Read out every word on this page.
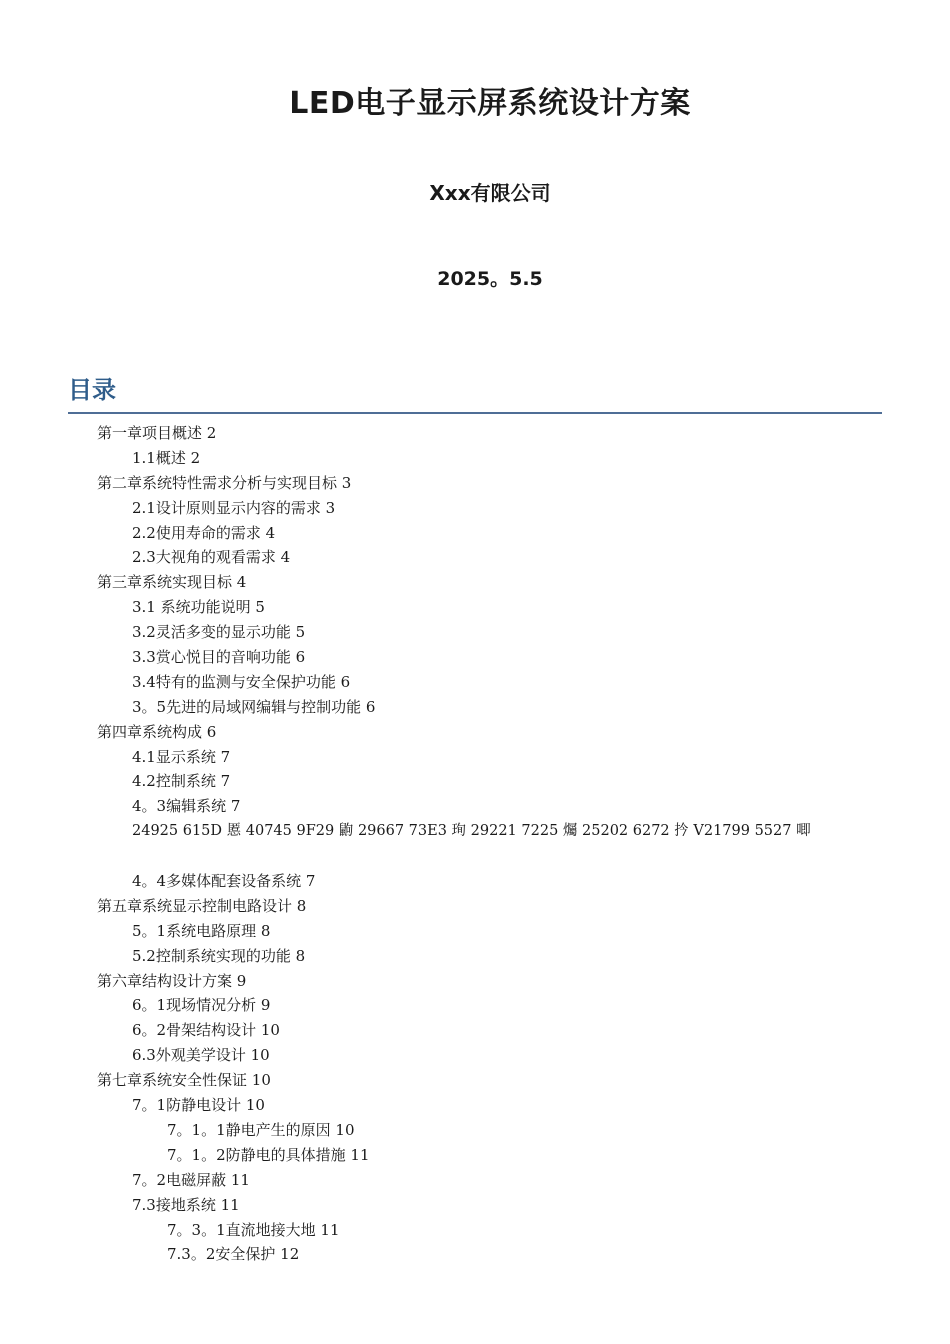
LED电子显示屏系统设计方案
Xxx有限公司
2025。5.5
目录
第一章项目概述 2
1.1概述 2
第二章系统特性需求分析与实现目标 3
2.1设计原则显示内容的需求 3
2.2使用寿命的需求 4
2.3大视角的观看需求 4
第三章系统实现目标 4
3.1 系统功能说明 5
3.2灵活多变的显示功能 5
3.3赏心悦目的音响功能 6
3.4特有的监测与安全保护功能 6
3。5先进的局域网编辑与控制功能 6
第四章系统构成 6
4.1显示系统 7
4.2控制系统 7
4。3编辑系统 7
24925 615D 慝 40745 9F29 鼩 29667 73E3 珣 29221 7225 爥 25202 6272 扲 V21799 5527 唧
4。4多媒体配套设备系统 7
第五章系统显示控制电路设计 8
5。1系统电路原理 8
5.2控制系统实现的功能 8
第六章结构设计方案 9
6。1现场情况分析 9
6。2骨架结构设计 10
6.3外观美学设计 10
第七章系统安全性保证 10
7。1防静电设计 10
7。1。1静电产生的原因 10
7。1。2防静电的具体措施 11
7。2电磁屏蔽 11
7.3接地系统 11
7。3。1直流地接大地 11
7.3。2安全保护 12
